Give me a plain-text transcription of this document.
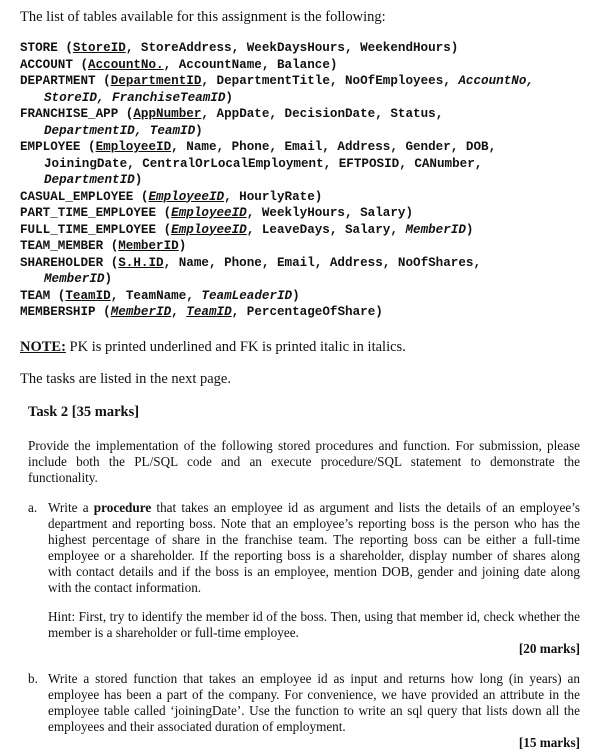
The list of tables available for this assignment is the following:
STORE (StoreID, StoreAddress, WeekDaysHours, WeekendHours)
ACCOUNT (AccountNo., AccountName, Balance)
DEPARTMENT (DepartmentID, DepartmentTitle, NoOfEmployees, AccountNo,
StoreID, FranchiseTeamID)
FRANCHISE_APP (AppNumber, AppDate, DecisionDate, Status,
DepartmentID, TeamID)
EMPLOYEE (EmployeeID, Name, Phone, Email, Address, Gender, DOB,
JoiningDate, CentralOrLocalEmployment, EFTPOSID, CANumber,
DepartmentID)
CASUAL_EMPLOYEE (EmployeeID, HourlyRate)
PART_TIME_EMPLOYEE (EmployeeID, WeeklyHours, Salary)
FULL_TIME_EMPLOYEE (EmployeeID, LeaveDays, Salary, MemberID)
TEAM_MEMBER (MemberID)
SHAREHOLDER (S.H.ID, Name, Phone, Email, Address, NoOfShares,
MemberID)
TEAM (TeamID, TeamName, TeamLeaderID)
MEMBERSHIP (MemberID, TeamID, PercentageOfShare)
NOTE: PK is printed underlined and FK is printed italic in italics.
The tasks are listed in the next page.
Task 2 [35 marks]
Provide the implementation of the following stored procedures and function. For submission, please include both the PL/SQL code and an execute procedure/SQL statement to demonstrate the functionality.
a. Write a procedure that takes an employee id as argument and lists the details of an employee’s department and reporting boss. Note that an employee’s reporting boss is the person who has the highest percentage of share in the franchise team. The reporting boss can be either a full-time employee or a shareholder. If the reporting boss is a shareholder, display number of shares along with contact details and if the boss is an employee, mention DOB, gender and joining date along with the contact information.
Hint: First, try to identify the member id of the boss. Then, using that member id, check whether the member is a shareholder or full-time employee.
[20 marks]
b. Write a stored function that takes an employee id as input and returns how long (in years) an employee has been a part of the company. For convenience, we have provided an attribute in the employee table called ‘joiningDate’. Use the function to write an sql query that lists down all the employees and their associated duration of employment.
[15 marks]
